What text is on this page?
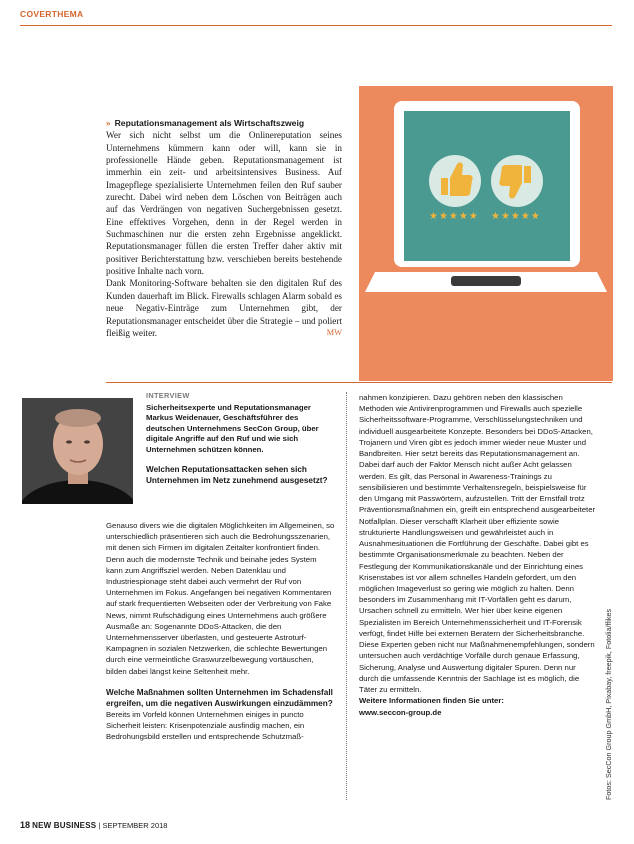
COVERTHEMA

» Reputationsmanagement als Wirtschaftszweig

Wer sich nicht selbst um die Onlinereputation seines Unternehmens kümmern kann oder will, kann sie in professionelle Hände geben. Reputationsmanagement ist immerhin ein zeit- und arbeitsintensives Business. Auf Imagepflege spezialisierte Unternehmen feilen den Ruf sauber zurecht. Dabei wird neben dem Löschen von Beiträgen auch auf das Verdrängen von negativen Suchergebnissen gesetzt. Eine effektives Vorgehen, denn in der Regel werden in Suchmaschinen nur die ersten zehn Ergebnisse angeklickt. Reputationsmanager füllen die ersten Treffer daher aktiv mit positiver Berichterstattung bzw. verschieben bereits bestehende positive Inhalte nach vorn.

Dank Monitoring-Software behalten sie den digitalen Ruf des Kunden dauerhaft im Blick. Firewalls schlagen Alarm sobald es neue Negativ-Einträge zum Unternehmen gibt, der Reputationsmanager entscheidet über die Strategie – und poliert fleißig weiter.	MW

★★★★★ ★★★★★
INTERVIEW
Sicherheitsexperte und Reputationsmanager Markus Weidenauer, Geschäftsführer des deutschen Unternehmens SecCon Group, über digitale Angriffe auf den Ruf und wie sich Unternehmen schützen können.
Welchen Reputationsattacken sehen sich Unternehmen im Netz zunehmend ausgesetzt?

Genauso divers wie die digitalen Möglichkeiten im Allgemeinen, so unterschiedlich präsentieren sich auch die Bedrohungsszenarien, mit denen sich Firmen im digitalen Zeitalter konfrontiert finden. Denn auch die modernste Technik und beinahe jedes System kann zum Angriffsziel werden. Neben Datenklau und Industriespionage steht dabei auch vermehrt der Ruf von Unternehmen im Fokus. Angefangen bei negativen Kommentaren auf stark frequentierten Webseiten oder der Verbreitung von Fake News, nimmt Rufschädigung eines Unternehmens auch größere Ausmaße an: Sogenannte DDoS-Attacken, die den Unternehmensserver überlasten, und gesteuerte Astroturf-Kampagnen in sozialen Netzwerken, die schlechte Bewertungen durch eine vermeintliche Graswurzelbewegung vortäuschen, bilden dabei längst keine Seltenheit mehr.

Welche Maßnahmen sollten Unternehmen im Schadensfall ergreifen, um die negativen Auswirkungen einzudämmen?

Bereits im Vorfeld können Unternehmen einiges in puncto Sicherheit leisten: Krisenpotenziale ausfindig machen, ein Bedrohungsbild erstellen und entsprechende Schutzmaß-

nahmen konzipieren. Dazu gehören neben den klassischen Methoden wie Antivirenprogrammen und Firewalls auch spezielle Sicherheitssoftware-Programme, Verschlüsselungstechniken und individuell ausgearbeitete Konzepte. Besonders bei DDoS-Attacken, Trojanern und Viren gibt es jedoch immer wieder neue Muster und Bandbreiten. Hier setzt bereits das Reputationsmanagement an. Dabei darf auch der Faktor Mensch nicht außer Acht gelassen werden. Es gilt, das Personal in Awareness-Trainings zu sensibilisieren und bestimmte Verhaltensregeln, beispielsweise für den Umgang mit Passwörtern, aufzustellen. Tritt der Ernstfall trotz Präventionsmaßnahmen ein, greift ein entsprechend ausgearbeiteter Notfallplan. Dieser verschafft Klarheit über effiziente sowie strukturierte Handlungsweisen und gewährleistet auch in Ausnahmesituationen die Fortführung der Geschäfte. Dabei gibt es bestimmte Organisationsmerkmale zu beachten. Neben der Festlegung der Kommunikationskanäle und der Einrichtung eines Krisenstabes ist vor allem schnelles Handeln gefordert, um den möglichen Imageverlust so gering wie möglich zu halten. Denn besonders im Zusammenhang mit IT-Vorfällen geht es darum, Ursachen schnell zu ermitteln. Wer hier über keine eigenen Spezialisten im Bereich Unternehmenssicherheit und IT-Forensik verfügt, findet Hilfe bei externen Beratern der Sicherheitsbranche. Diese Experten geben nicht nur Maßnahmenempfehlungen, sondern untersuchen auch verdächtige Vorfälle durch genaue Erfassung, Sicherung, Analyse und Auswertung digitaler Spuren. Denn nur durch die umfassende Kenntnis der Sachlage ist es möglich, die Täter zu ermitteln.

Weitere Informationen finden Sie unter:

www.seccon-group.de	Fotos: SecCon Group GmbH, Pixabay, freepik, Fotolia/ffikes
18 NEW BUSINESS | SEPTEMBER 2018
